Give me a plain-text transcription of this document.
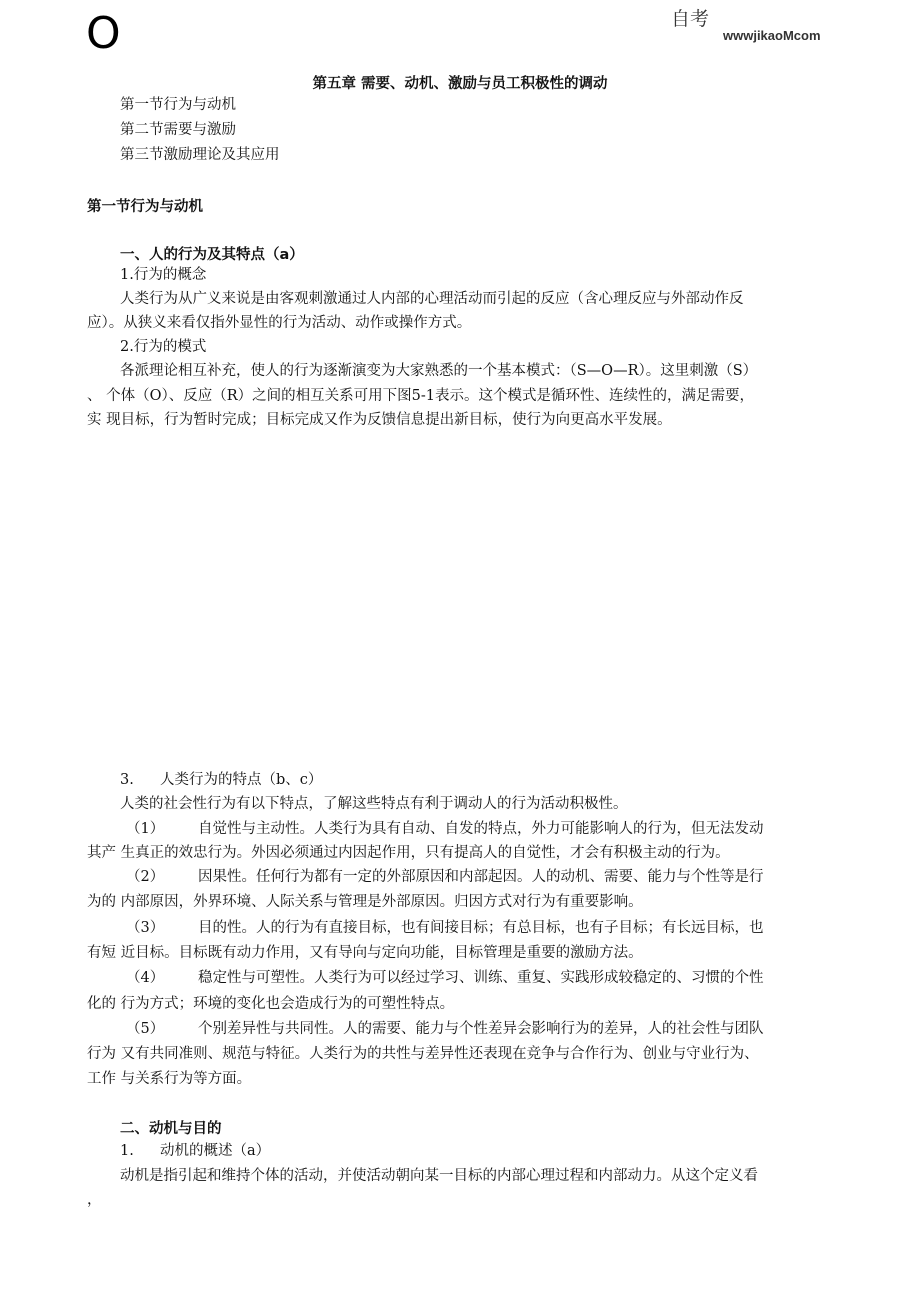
O	自考
wwwjikaoMcom
第五章 需要、动机、激励与员工积极性的调动
第一节行为与动机
第二节需要与激励
第三节激励理论及其应用
第一节行为与动机
一、人的行为及其特点（a）
1.行为的概念
人类行为从广义来说是由客观刺激通过人内部的心理活动而引起的反应（含心理反应与外部动作反
应）。从狭义来看仅指外显性的行为活动、动作或操作方式。
2.行为的模式
各派理论相互补充，使人的行为逐渐演变为大家熟悉的一个基本模式：（S—O—R）。这里刺激（S）
、 个体（O）、反应（R）之间的相互关系可用下图5-1表示。这个模式是循环性、连续性的，满足需要，
实 现目标，行为暂时完成；目标完成又作为反馈信息提出新目标，使行为向更高水平发展。
3. 人类行为的特点（b、c）
人类的社会性行为有以下特点，了解这些特点有利于调动人的行为活动积极性。
（1） 自觉性与主动性。人类行为具有自动、自发的特点，外力可能影响人的行为，但无法发动
其产 生真正的效忠行为。外因必须通过内因起作用，只有提高人的自觉性，才会有积极主动的行为。
（2） 因果性。任何行为都有一定的外部原因和内部起因。人的动机、需要、能力与个性等是行
为的 内部原因，外界环境、人际关系与管理是外部原因。归因方式对行为有重要影响。
（3） 目的性。人的行为有直接目标，也有间接目标；有总目标，也有子目标；有长远目标，也
有短 近目标。目标既有动力作用，又有导向与定向功能，目标管理是重要的激励方法。
（4） 稳定性与可塑性。人类行为可以经过学习、训练、重复、实践形成较稳定的、习惯的个性
化的 行为方式；环境的变化也会造成行为的可塑性特点。
（5） 个别差异性与共同性。人的需要、能力与个性差异会影响行为的差异，人的社会性与团队
行为 又有共同准则、规范与特征。人类行为的共性与差异性还表现在竞争与合作行为、创业与守业行为、
工作 与关系行为等方面。
二、动机与目的
1. 动机的概述（a）
动机是指引起和维持个体的活动，并使活动朝向某一目标的内部心理过程和内部动力。从这个定义看
，
